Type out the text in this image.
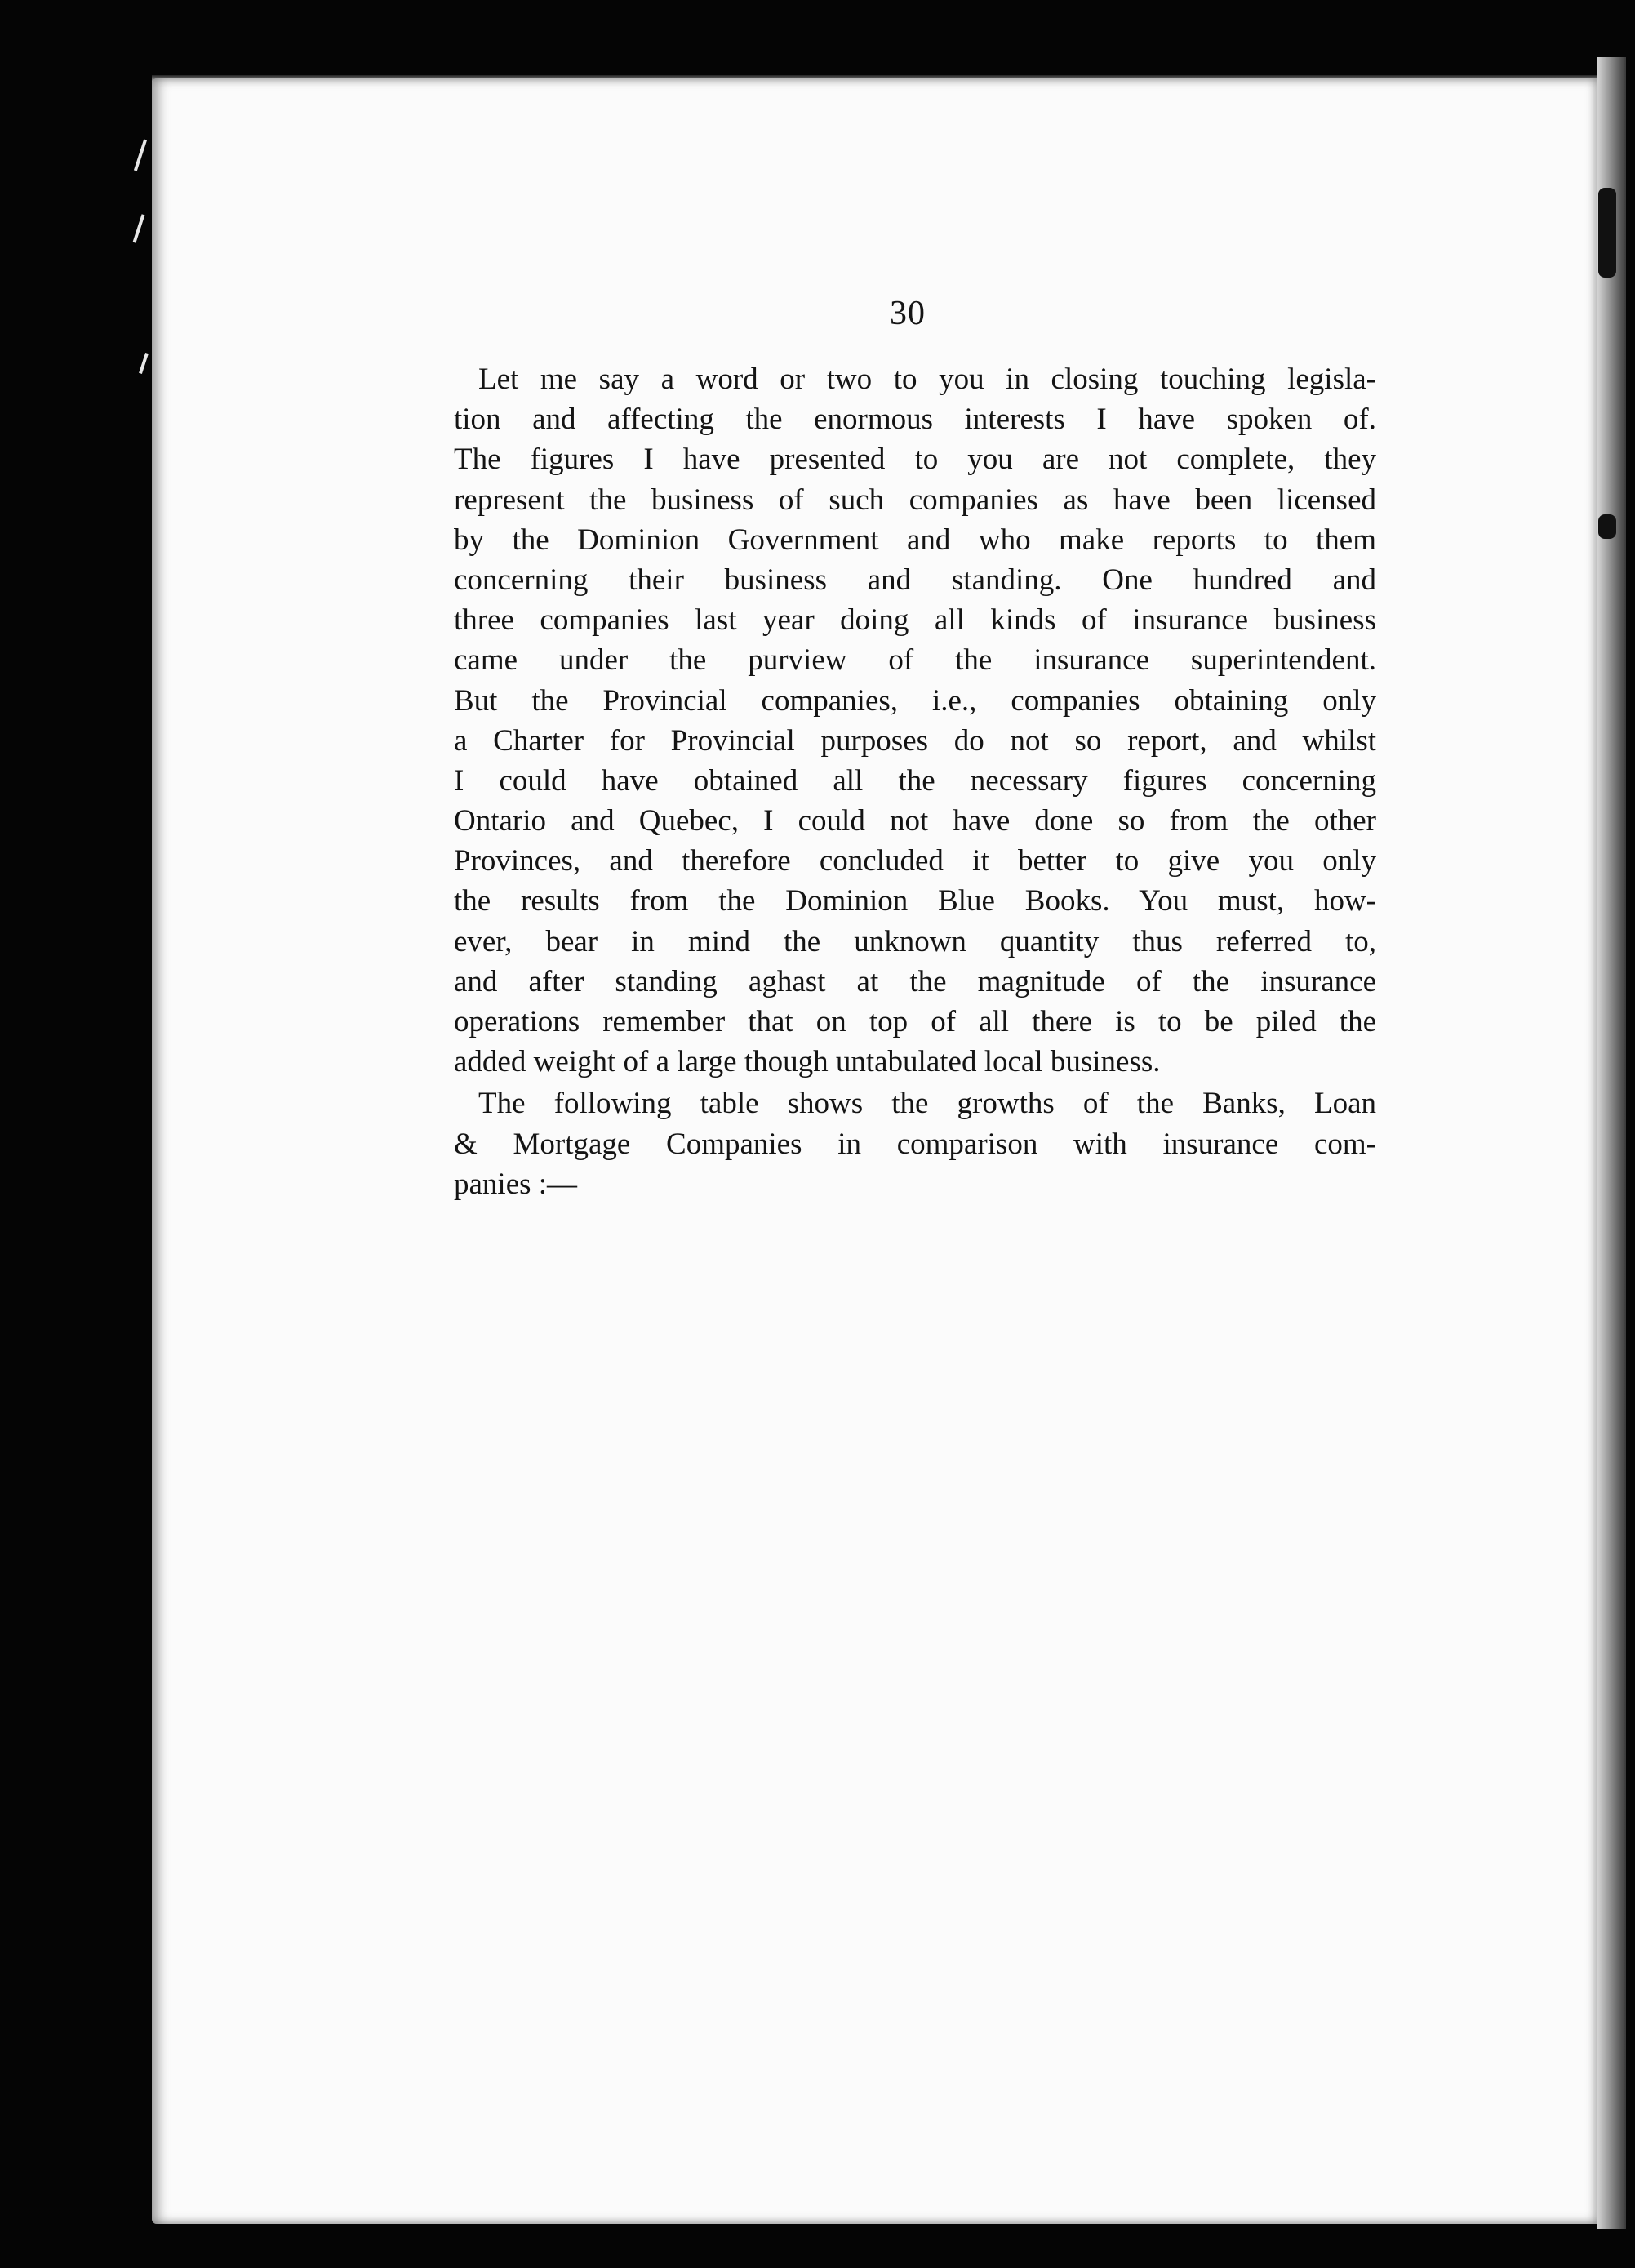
30
Let me say a word or two to you in closing touching legisla-
tion and affecting the enormous interests I have spoken of.
The figures I have presented to you are not complete, they
represent the business of such companies as have been licensed
by the Dominion Government and who make reports to them
concerning their business and standing. One hundred and
three companies last year doing all kinds of insurance business
came under the purview of the insurance superintendent.
But the Provincial companies, i.e., companies obtaining only
a Charter for Provincial purposes do not so report, and whilst
I could have obtained all the necessary figures concerning
Ontario and Quebec, I could not have done so from the other
Provinces, and therefore concluded it better to give you only
the results from the Dominion Blue Books. You must, how-
ever, bear in mind the unknown quantity thus referred to,
and after standing aghast at the magnitude of the insurance
operations remember that on top of all there is to be piled the
added weight of a large though untabulated local business.
The following table shows the growths of the Banks, Loan
& Mortgage Companies in comparison with insurance com-
panies :—
